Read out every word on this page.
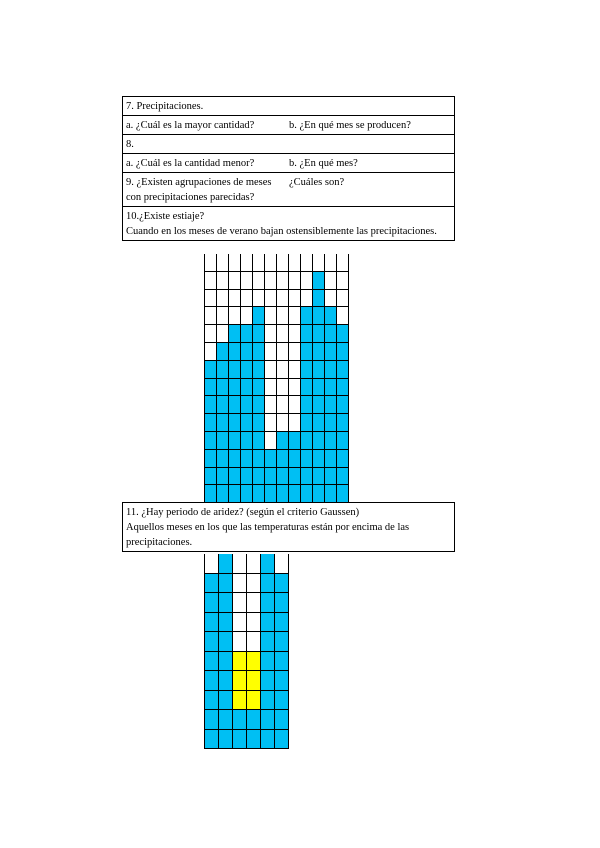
7. Precipitaciones.
a. ¿Cuál es la mayor cantidad?	b. ¿En qué mes se producen?
8.
a. ¿Cuál es la cantidad menor?	b. ¿En qué mes?
9. ¿Existen agrupaciones de meses	¿Cuáles son?
con precipitaciones parecidas?
10.¿Existe estiaje?
Cuando en los meses de verano bajan ostensiblemente las precipitaciones.
11. ¿Hay periodo de aridez? (según el criterio Gaussen)
Aquellos meses en los que las temperaturas están por encima de las precipitaciones.
